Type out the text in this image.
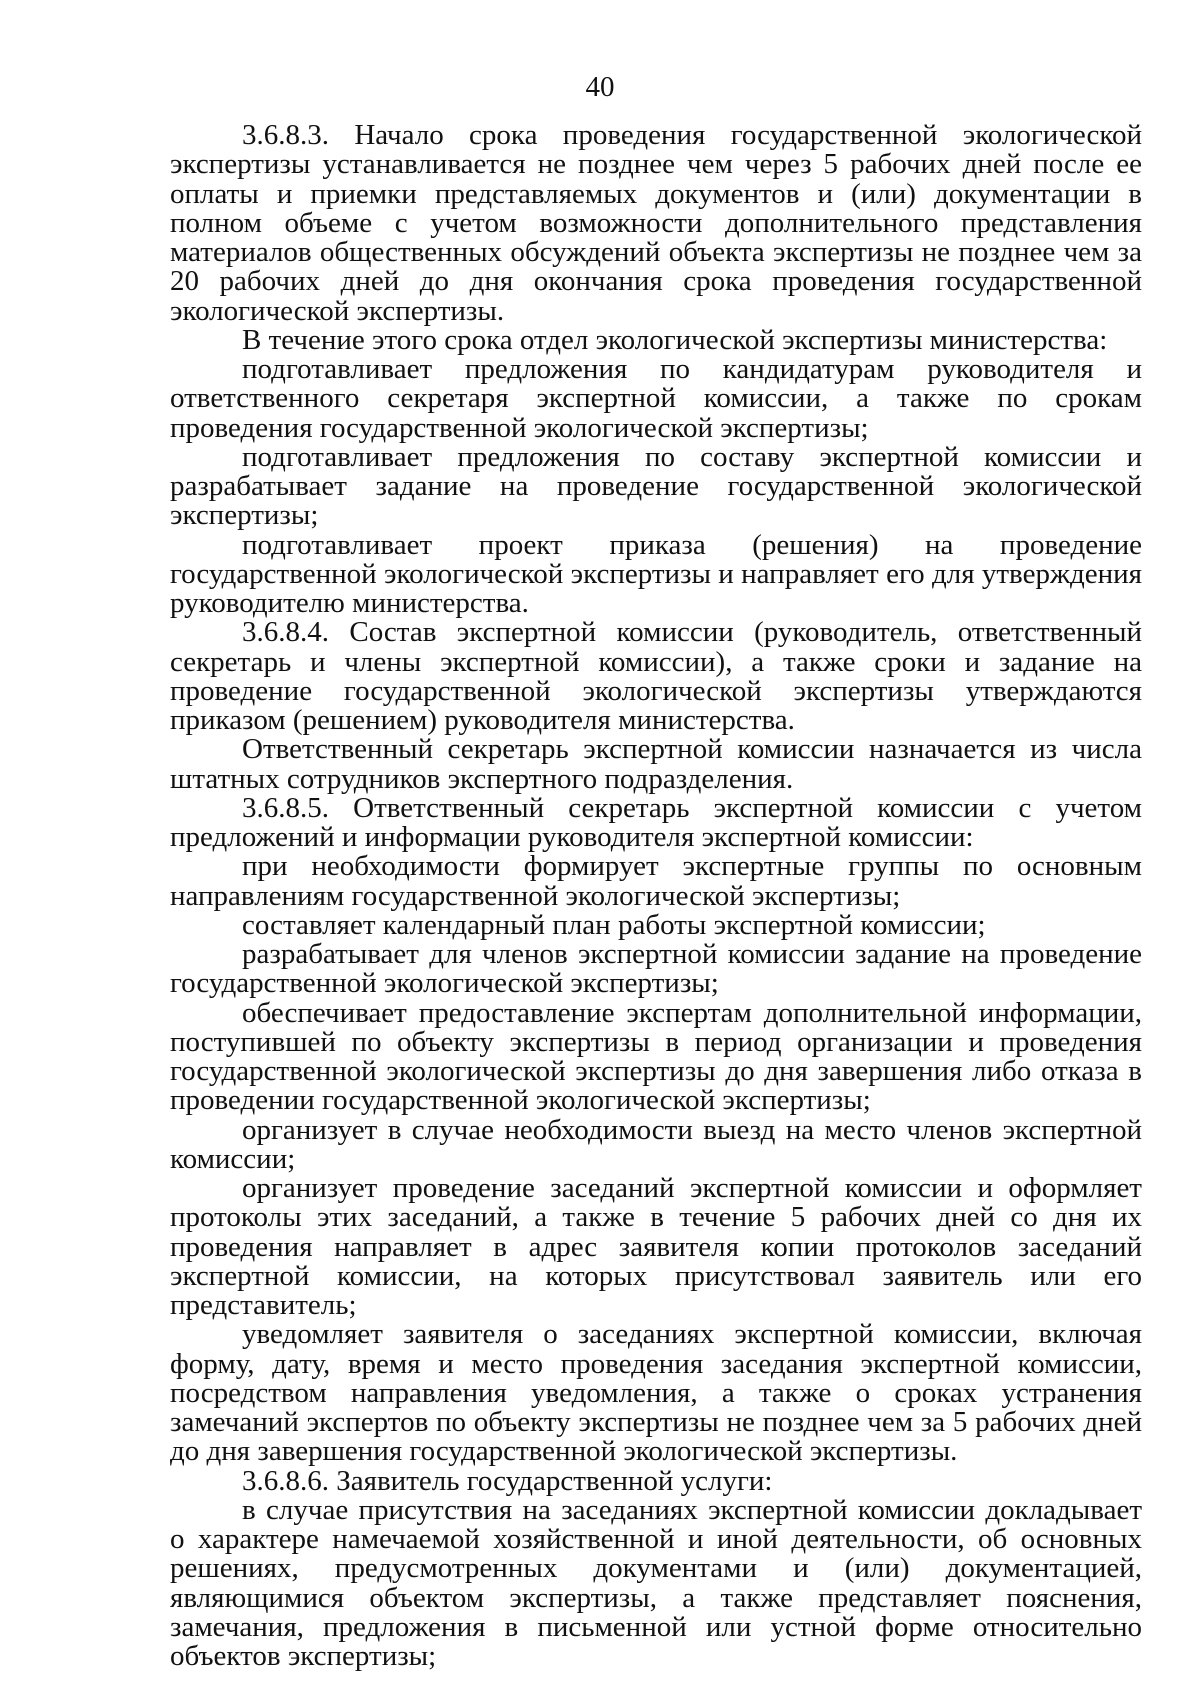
40

3.6.8.3. Начало срока проведения государственной экологической экспертизы устанавливается не позднее чем через 5 рабочих дней после ее оплаты и приемки представляемых документов и (или) документации в полном объеме с учетом возможности дополнительного представления материалов общественных обсуждений объекта экспертизы не позднее чем за 20 рабочих дней до дня окончания срока проведения государственной экологической экспертизы.

В течение этого срока отдел экологической экспертизы министерства:

подготавливает предложения по кандидатурам руководителя и ответственного секретаря экспертной комиссии, а также по срокам проведения государственной экологической экспертизы;

подготавливает предложения по составу экспертной комиссии и разрабатывает задание на проведение государственной экологической экспертизы;

подготавливает проект приказа (решения) на проведение государственной экологической экспертизы и направляет его для утверждения руководителю министерства.

3.6.8.4. Состав экспертной комиссии (руководитель, ответственный секретарь и члены экспертной комиссии), а также сроки и задание на проведение государственной экологической экспертизы утверждаются приказом (решением) руководителя министерства.

Ответственный секретарь экспертной комиссии назначается из числа штатных сотрудников экспертного подразделения.

3.6.8.5. Ответственный секретарь экспертной комиссии с учетом предложений и информации руководителя экспертной комиссии:

при необходимости формирует экспертные группы по основным направлениям государственной экологической экспертизы;

составляет календарный план работы экспертной комиссии;

разрабатывает для членов экспертной комиссии задание на проведение государственной экологической экспертизы;

обеспечивает предоставление экспертам дополнительной информации, поступившей по объекту экспертизы в период организации и проведения государственной экологической экспертизы до дня завершения либо отказа в проведении государственной экологической экспертизы;

организует в случае необходимости выезд на место членов экспертной комиссии;

организует проведение заседаний экспертной комиссии и оформляет протоколы этих заседаний, а также в течение 5 рабочих дней со дня их проведения направляет в адрес заявителя копии протоколов заседаний экспертной комиссии, на которых присутствовал заявитель или его представитель;

уведомляет заявителя о заседаниях экспертной комиссии, включая форму, дату, время и место проведения заседания экспертной комиссии, посредством направления уведомления, а также о сроках устранения замечаний экспертов по объекту экспертизы не позднее чем за 5 рабочих дней до дня завершения государственной экологической экспертизы.

3.6.8.6. Заявитель государственной услуги:

в случае присутствия на заседаниях экспертной комиссии докладывает о характере намечаемой хозяйственной и иной деятельности, об основных решениях, предусмотренных документами и (или) документацией, являющимися объектом экспертизы, а также представляет пояснения, замечания, предложения в письменной или устной форме относительно объектов экспертизы;
